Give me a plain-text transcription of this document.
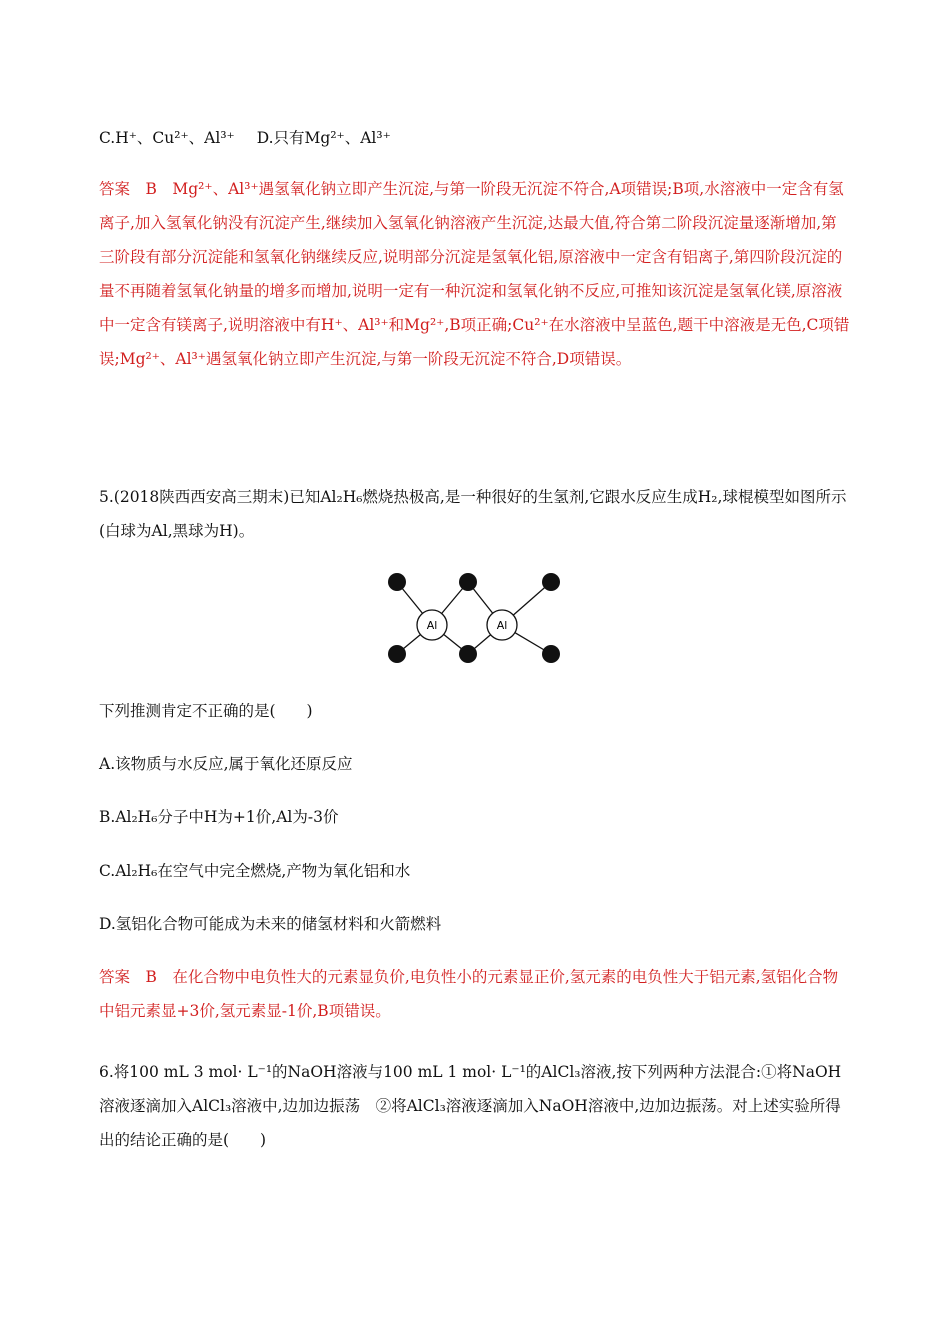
C.H⁺、Cu²⁺、Al³⁺ D.只有Mg²⁺、Al³⁺

答案　B　Mg²⁺、Al³⁺遇氢氧化钠立即产生沉淀,与第一阶段无沉淀不符合,A项错误;B项,水溶液中一定含有氢离子,加入氢氧化钠没有沉淀产生,继续加入氢氧化钠溶液产生沉淀,达最大值,符合第二阶段沉淀量逐渐增加,第三阶段有部分沉淀能和氢氧化钠继续反应,说明部分沉淀是氢氧化铝,原溶液中一定含有铝离子,第四阶段沉淀的量不再随着氢氧化钠量的增多而增加,说明一定有一种沉淀和氢氧化钠不反应,可推知该沉淀是氢氧化镁,原溶液中一定含有镁离子,说明溶液中有H⁺、Al³⁺和Mg²⁺,B项正确;Cu²⁺在水溶液中呈蓝色,题干中溶液是无色,C项错误;Mg²⁺、Al³⁺遇氢氧化钠立即产生沉淀,与第一阶段无沉淀不符合,D项错误。

5.(2018陕西西安高三期末)已知Al₂H₆燃烧热极高,是一种很好的生氢剂,它跟水反应生成H₂,球棍模型如图所示(白球为Al,黑球为H)。

Al	Al

下列推测肯定不正确的是(　　)

A.该物质与水反应,属于氧化还原反应

B.Al₂H₆分子中H为+1价,Al为-3价

C.Al₂H₆在空气中完全燃烧,产物为氧化铝和水

D.氢铝化合物可能成为未来的储氢材料和火箭燃料

答案　B　在化合物中电负性大的元素显负价,电负性小的元素显正价,氢元素的电负性大于铝元素,氢铝化合物中铝元素显+3价,氢元素显-1价,B项错误。

6.将100 mL 3 mol· L⁻¹的NaOH溶液与100 mL 1 mol· L⁻¹的AlCl₃溶液,按下列两种方法混合:①将NaOH溶液逐滴加入AlCl₃溶液中,边加边振荡　②将AlCl₃溶液逐滴加入NaOH溶液中,边加边振荡。对上述实验所得出的结论正确的是(　　)
